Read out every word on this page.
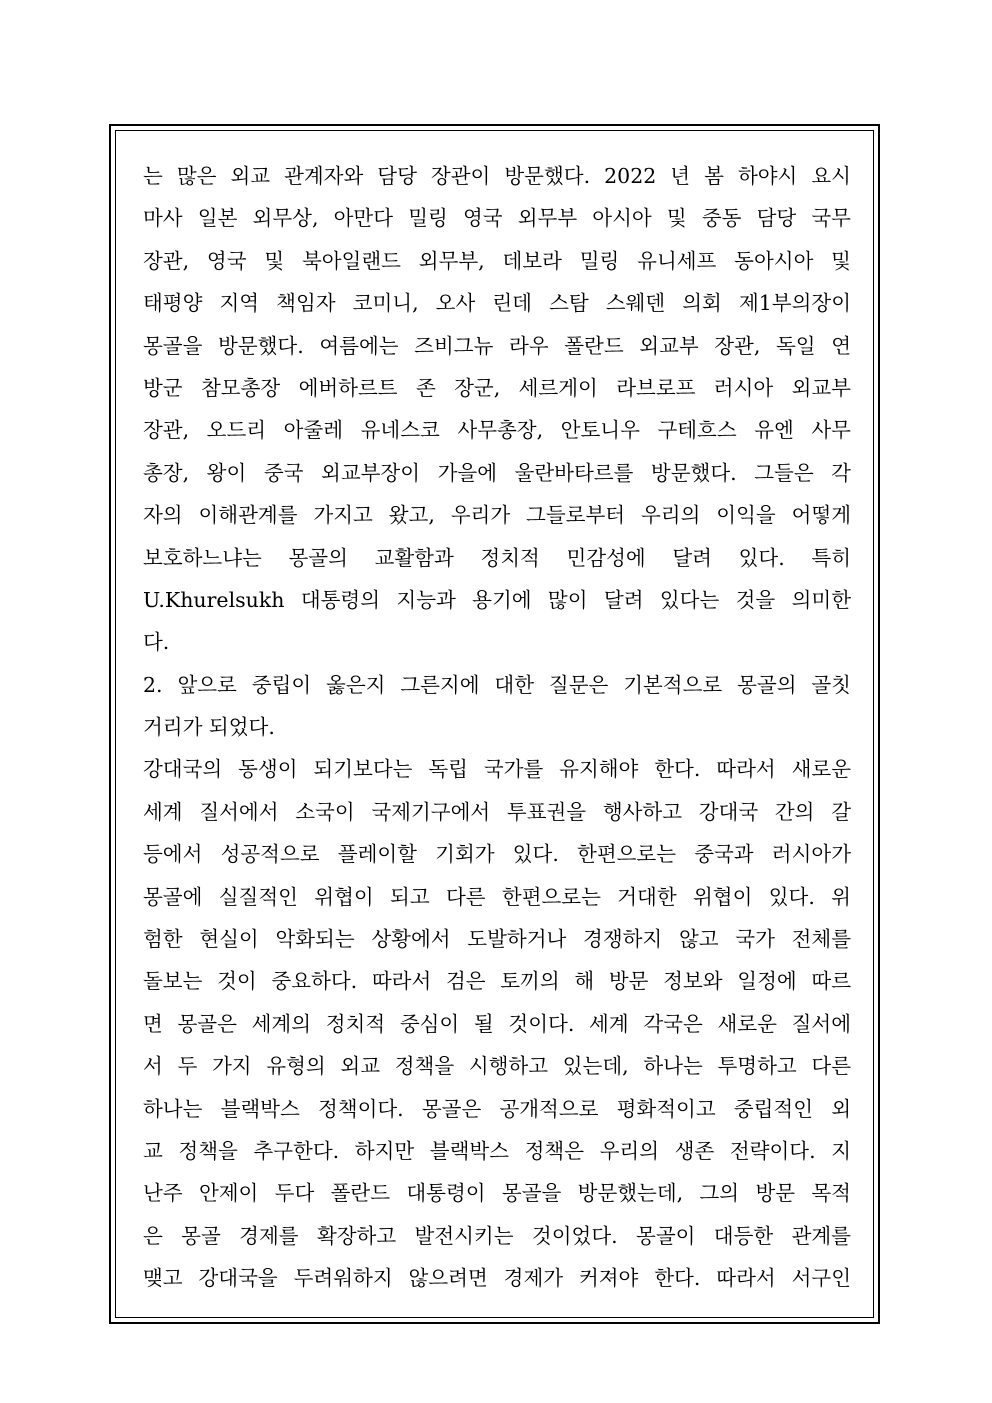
는 많은 외교 관계자와 담당 장관이 방문했다. 2022 년 봄 하야시 요시
마사 일본 외무상, 아만다 밀링 영국 외무부 아시아 및 중동 담당 국무
장관, 영국 및 북아일랜드 외무부, 데보라 밀링 유니세프 동아시아 및
태평양 지역 책임자 코미니, 오사 린데 스탐 스웨덴 의회 제1부의장이
몽골을 방문했다. 여름에는 즈비그뉴 라우 폴란드 외교부 장관, 독일 연
방군 참모총장 에버하르트 존 장군, 세르게이 라브로프 러시아 외교부
장관, 오드리 아줄레 유네스코 사무총장, 안토니우 구테흐스 유엔 사무
총장, 왕이 중국 외교부장이 가을에 울란바타르를 방문했다. 그들은 각
자의 이해관계를 가지고 왔고, 우리가 그들로부터 우리의 이익을 어떻게
보호하느냐는 몽골의 교활함과 정치적 민감성에 달려 있다. 특히
U.Khurelsukh 대통령의 지능과 용기에 많이 달려 있다는 것을 의미한
다.
2. 앞으로 중립이 옳은지 그른지에 대한 질문은 기본적으로 몽골의 골칫
거리가 되었다.
강대국의 동생이 되기보다는 독립 국가를 유지해야 한다. 따라서 새로운
세계 질서에서 소국이 국제기구에서 투표권을 행사하고 강대국 간의 갈
등에서 성공적으로 플레이할 기회가 있다. 한편으로는 중국과 러시아가
몽골에 실질적인 위협이 되고 다른 한편으로는 거대한 위협이 있다. 위
험한 현실이 악화되는 상황에서 도발하거나 경쟁하지 않고 국가 전체를
돌보는 것이 중요하다. 따라서 검은 토끼의 해 방문 정보와 일정에 따르
면 몽골은 세계의 정치적 중심이 될 것이다. 세계 각국은 새로운 질서에
서 두 가지 유형의 외교 정책을 시행하고 있는데, 하나는 투명하고 다른
하나는 블랙박스 정책이다. 몽골은 공개적으로 평화적이고 중립적인 외
교 정책을 추구한다. 하지만 블랙박스 정책은 우리의 생존 전략이다. 지
난주 안제이 두다 폴란드 대통령이 몽골을 방문했는데, 그의 방문 목적
은 몽골 경제를 확장하고 발전시키는 것이었다. 몽골이 대등한 관계를
맺고 강대국을 두려워하지 않으려면 경제가 커져야 한다. 따라서 서구인
